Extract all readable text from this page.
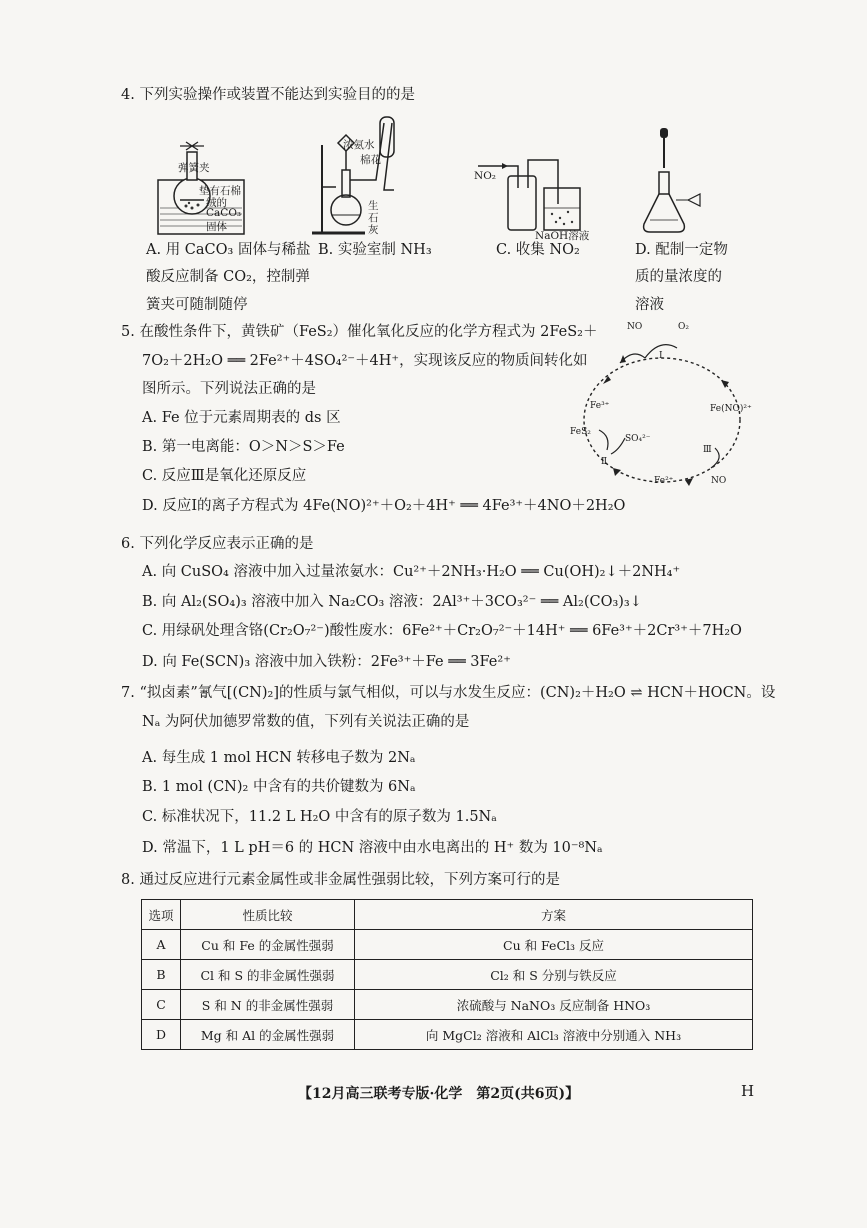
4. 下列实验操作或装置不能达到实验目的的是
弹簧夹
垫有石棉
绒的
CaCO₃
固体
A. 用 CaCO₃ 固体与稀盐
酸反应制备 CO₂，控制弹
簧夹可随制随停
浓氨水
棉花
生
石
灰
B. 实验室制 NH₃
NO₂
NaOH溶液
C. 收集 NO₂	D. 配制一定物
质的量浓度的
溶液
5. 在酸性条件下，黄铁矿（FeS₂）催化氧化反应的化学方程式为 2FeS₂＋
7O₂＋2H₂O ══ 2Fe²⁺＋4SO₄²⁻＋4H⁺，实现该反应的物质间转化如
图所示。下列说法正确的是
A. Fe 位于元素周期表的 ds 区
B. 第一电离能：O＞N＞S＞Fe
C. 反应Ⅲ是氧化还原反应
D. 反应Ⅰ的离子方程式为 4Fe(NO)²⁺＋O₂＋4H⁺ ══ 4Fe³⁺＋4NO＋2H₂O
NO	O₂
Ⅰ
Fe³⁺	Fe(NO)²⁺
FeS₂
SO₄²⁻
Ⅱ
Ⅲ
Fe²⁺	NO
6. 下列化学反应表示正确的是
A. 向 CuSO₄ 溶液中加入过量浓氨水：Cu²⁺＋2NH₃·H₂O ══ Cu(OH)₂↓＋2NH₄⁺
B. 向 Al₂(SO₄)₃ 溶液中加入 Na₂CO₃ 溶液：2Al³⁺＋3CO₃²⁻ ══ Al₂(CO₃)₃↓
C. 用绿矾处理含铬(Cr₂O₇²⁻)酸性废水：6Fe²⁺＋Cr₂O₇²⁻＋14H⁺ ══ 6Fe³⁺＋2Cr³⁺＋7H₂O
D. 向 Fe(SCN)₃ 溶液中加入铁粉：2Fe³⁺＋Fe ══ 3Fe²⁺
7. “拟卤素”氰气[(CN)₂]的性质与氯气相似，可以与水发生反应：(CN)₂＋H₂O ⇌ HCN＋HOCN。设
Nₐ 为阿伏加德罗常数的值，下列有关说法正确的是
A. 每生成 1 mol HCN 转移电子数为 2Nₐ
B. 1 mol (CN)₂ 中含有的共价键数为 6Nₐ
C. 标准状况下，11.2 L H₂O 中含有的原子数为 1.5Nₐ
D. 常温下，1 L pH＝6 的 HCN 溶液中由水电离出的 H⁺ 数为 10⁻⁸Nₐ
8. 通过反应进行元素金属性或非金属性强弱比较，下列方案可行的是
选项	性质比较	方案
A	Cu 和 Fe 的金属性强弱	Cu 和 FeCl₃ 反应
B	Cl 和 S 的非金属性强弱	Cl₂ 和 S 分别与铁反应
C	S 和 N 的非金属性强弱	浓硫酸与 NaNO₃ 反应制备 HNO₃
D	Mg 和 Al 的金属性强弱	向 MgCl₂ 溶液和 AlCl₃ 溶液中分别通入 NH₃
【12月高三联考专版·化学　第2页(共6页)】	H
